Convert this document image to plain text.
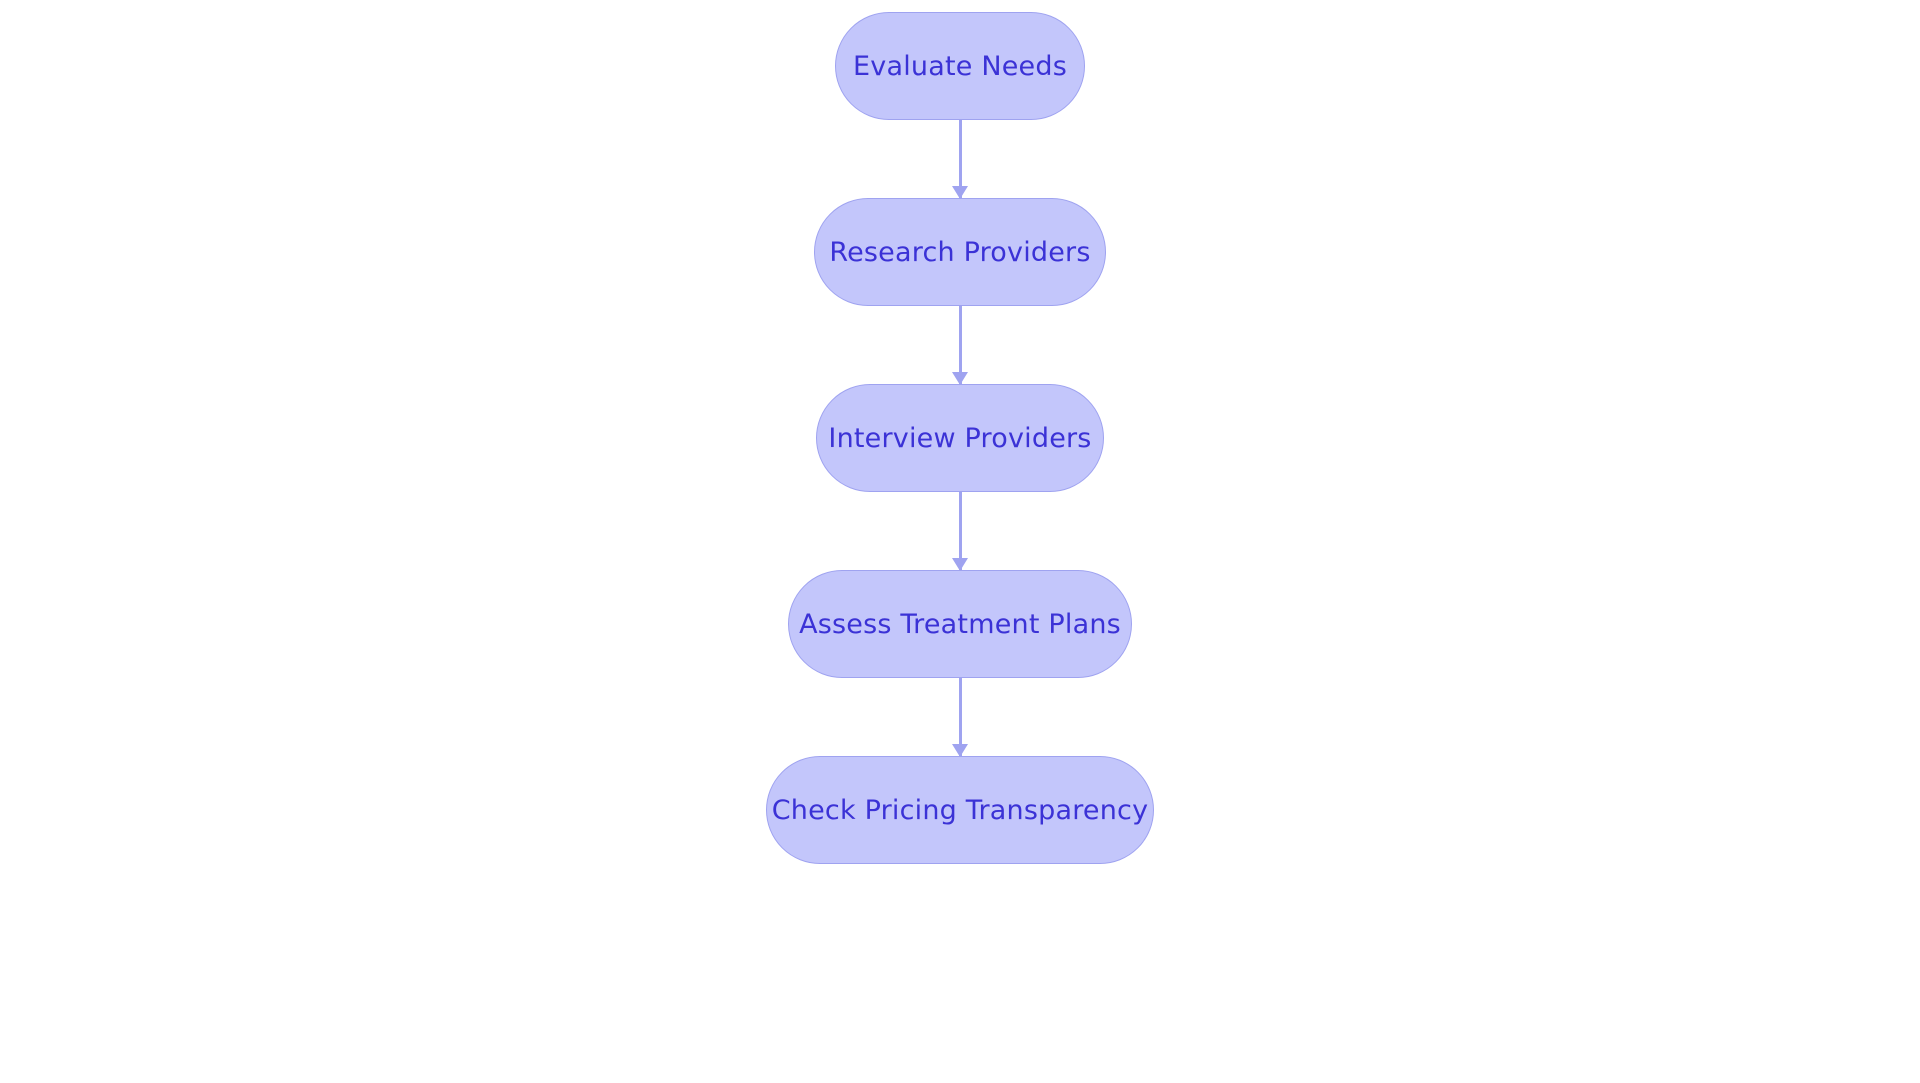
Evaluate Needs
Research Providers
Interview Providers
Assess Treatment Plans
Check Pricing Transparency
